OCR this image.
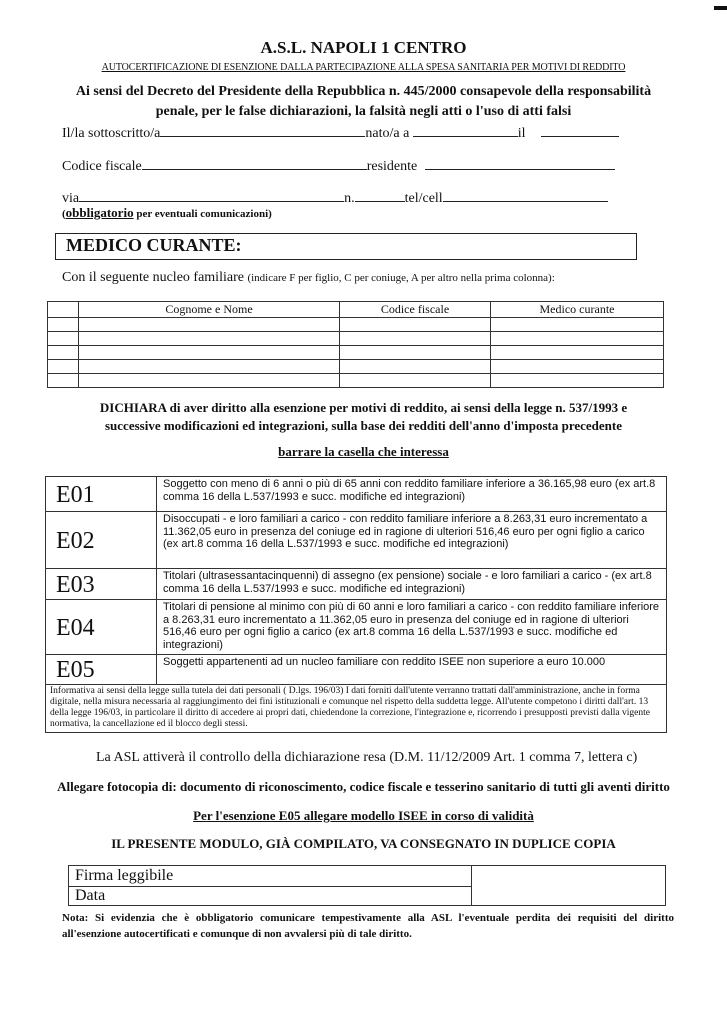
A.S.L. NAPOLI 1 CENTRO
AUTOCERTIFICAZIONE DI ESENZIONE DALLA PARTECIPAZIONE ALLA SPESA SANITARIA PER MOTIVI DI REDDITO
Ai sensi del Decreto del Presidente della Repubblica n. 445/2000 consapevole della responsabilità
penale, per le false dichiarazioni, la falsità negli atti o l'uso di atti falsi
Il/la sottoscritto/a	nato/a a	il
Codice fiscale	residente
via	n.	tel/cell
(obbligatorio per eventuali comunicazioni)
MEDICO CURANTE:
Con il seguente nucleo familiare (indicare F per figlio, C per coniuge, A per altro nella prima colonna):
	Cognome e Nome	Codice fiscale	Medico curante

DICHIARA di aver diritto alla esenzione per motivi di reddito, ai sensi della legge n. 537/1993 e
successive modificazioni ed integrazioni, sulla base dei redditi dell'anno d'imposta precedente
barrare la casella che interessa
E01	Soggetto con meno di 6 anni o più di 65 anni con reddito familiare inferiore a 36.165,98 euro (ex art.8 comma 16 della L.537/1993 e succ. modifiche ed integrazioni)
E02	Disoccupati - e loro familiari a carico - con reddito familiare inferiore a 8.263,31 euro incrementato a 11.362,05 euro in presenza del coniuge ed in ragione di ulteriori 516,46 euro per ogni figlio a carico (ex art.8 comma 16 della L.537/1993 e succ. modifiche ed integrazioni)
E03	Titolari (ultrasessantacinquenni) di assegno (ex pensione) sociale - e loro familiari a carico - (ex art.8 comma 16 della L.537/1993 e succ. modifiche ed integrazioni)
E04	Titolari di pensione al minimo con più di 60 anni e loro familiari a carico - con reddito familiare inferiore a 8.263,31 euro incrementato a 11.362,05 euro in presenza del coniuge ed in ragione di ulteriori 516,46 euro per ogni figlio a carico (ex art.8 comma 16 della L.537/1993 e succ. modifiche ed integrazioni)
E05	Soggetti appartenenti ad un nucleo familiare con reddito ISEE non superiore a euro 10.000
Informativa ai sensi della legge sulla tutela dei dati personali ( D.lgs. 196/03) I dati forniti dall'utente verranno trattati dall'amministrazione, anche in forma digitale, nella misura necessaria al raggiungimento dei fini istituzionali e comunque nel rispetto della suddetta legge. All'utente competono i diritti dall'art. 13 della legge 196/03, in particolare il diritto di accedere ai propri dati, chiedendone la correzione, l'integrazione e, ricorrendo i presupposti previsti dalla vigente normativa, la cancellazione ed il blocco degli stessi.	
La ASL attiverà il controllo della dichiarazione resa (D.M. 11/12/2009 Art. 1 comma 7, lettera c)
Allegare fotocopia di: documento di riconoscimento, codice fiscale e tesserino sanitario di tutti gli aventi diritto
Per l'esenzione E05 allegare modello ISEE in corso di validità
IL PRESENTE MODULO, GIÀ COMPILATO, VA CONSEGNATO IN DUPLICE COPIA
Firma leggibile	
Data
Nota: Si evidenzia che è obbligatorio comunicare tempestivamente alla ASL l'eventuale perdita dei requisiti del diritto all'esenzione autocertificati e comunque di non avvalersi più di tale diritto.
